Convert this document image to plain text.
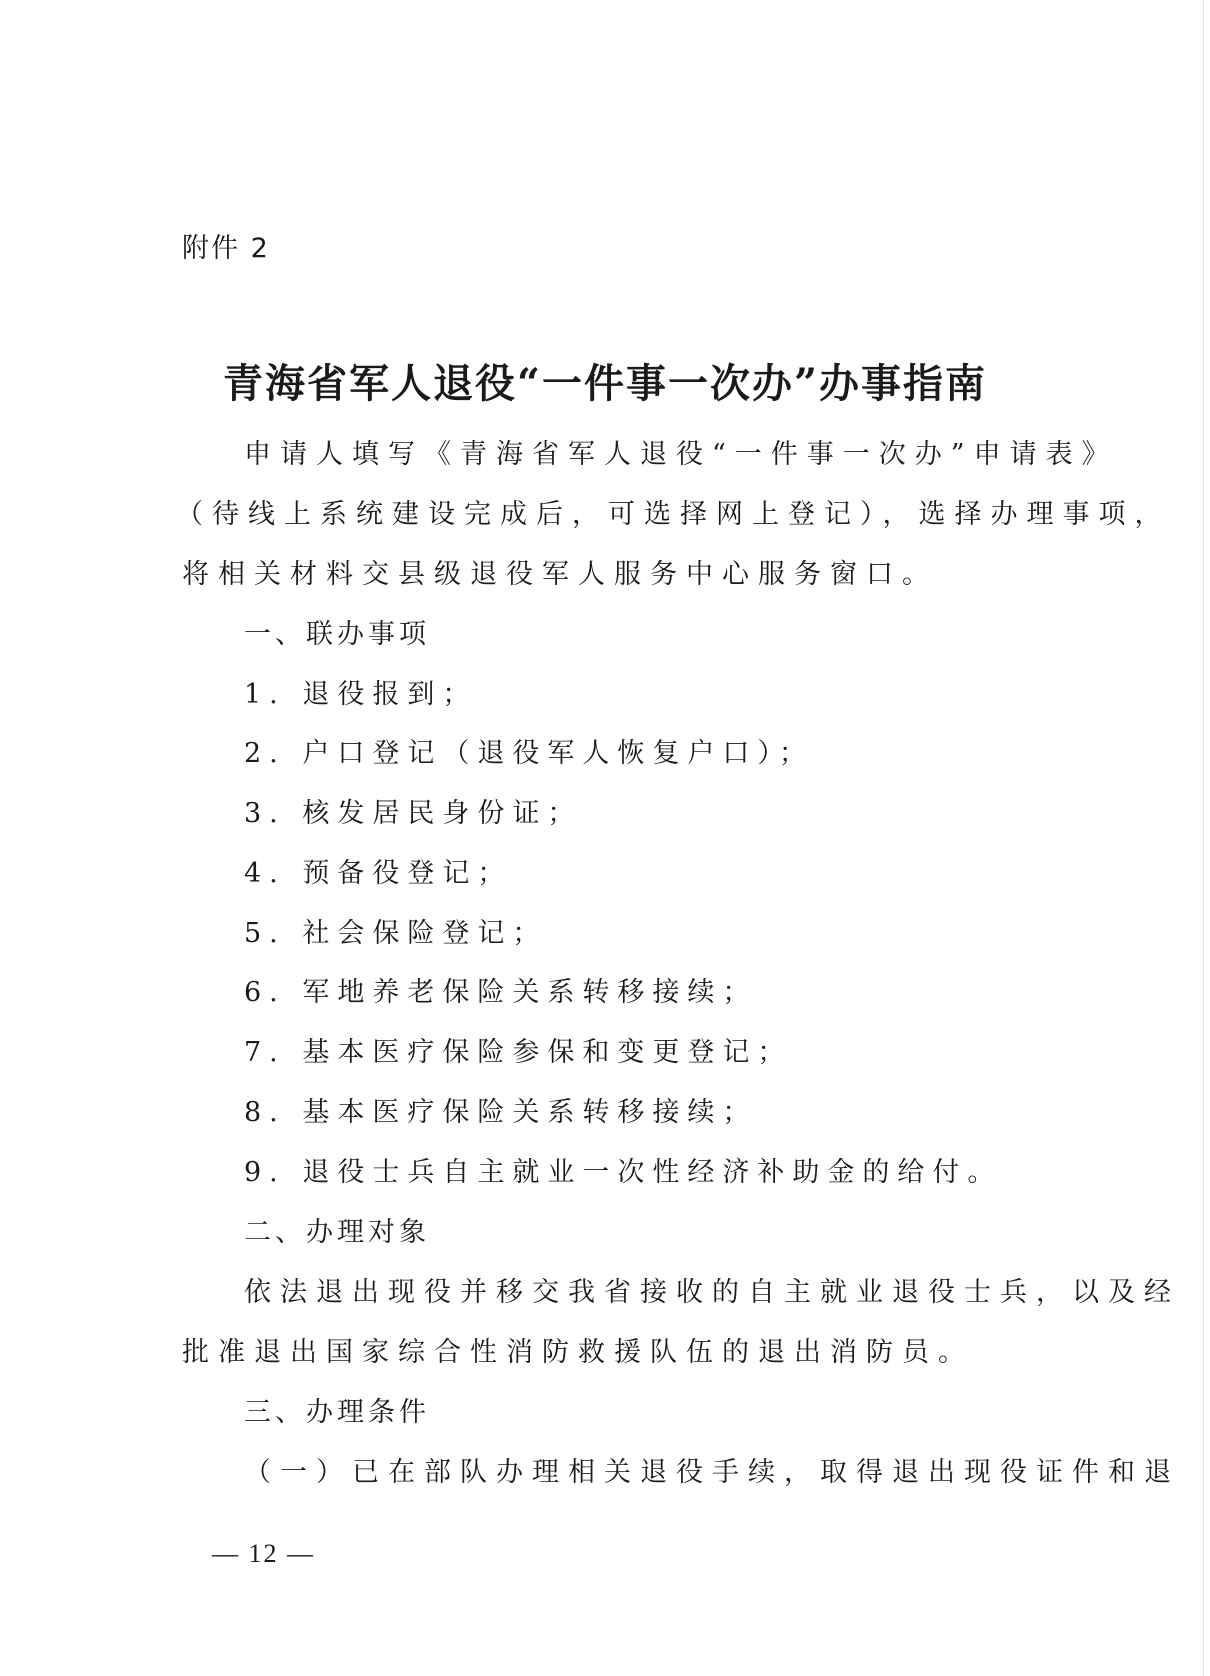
附件 2
青海省军人退役“一件事一次办”办事指南
申请人填写《青海省军人退役“一件事一次办”申请表》
（待线上系统建设完成后，可选择网上登记），选择办理事项，
将相关材料交县级退役军人服务中心服务窗口。
一、联办事项
1. 退役报到；
2. 户口登记（退役军人恢复户口）；
3. 核发居民身份证；
4. 预备役登记；
5. 社会保险登记；
6. 军地养老保险关系转移接续；
7. 基本医疗保险参保和变更登记；
8. 基本医疗保险关系转移接续；
9. 退役士兵自主就业一次性经济补助金的给付。
二、办理对象
依法退出现役并移交我省接收的自主就业退役士兵，以及经
批准退出国家综合性消防救援队伍的退出消防员。
三、办理条件
（一）已在部队办理相关退役手续，取得退出现役证件和退
— 12 —
